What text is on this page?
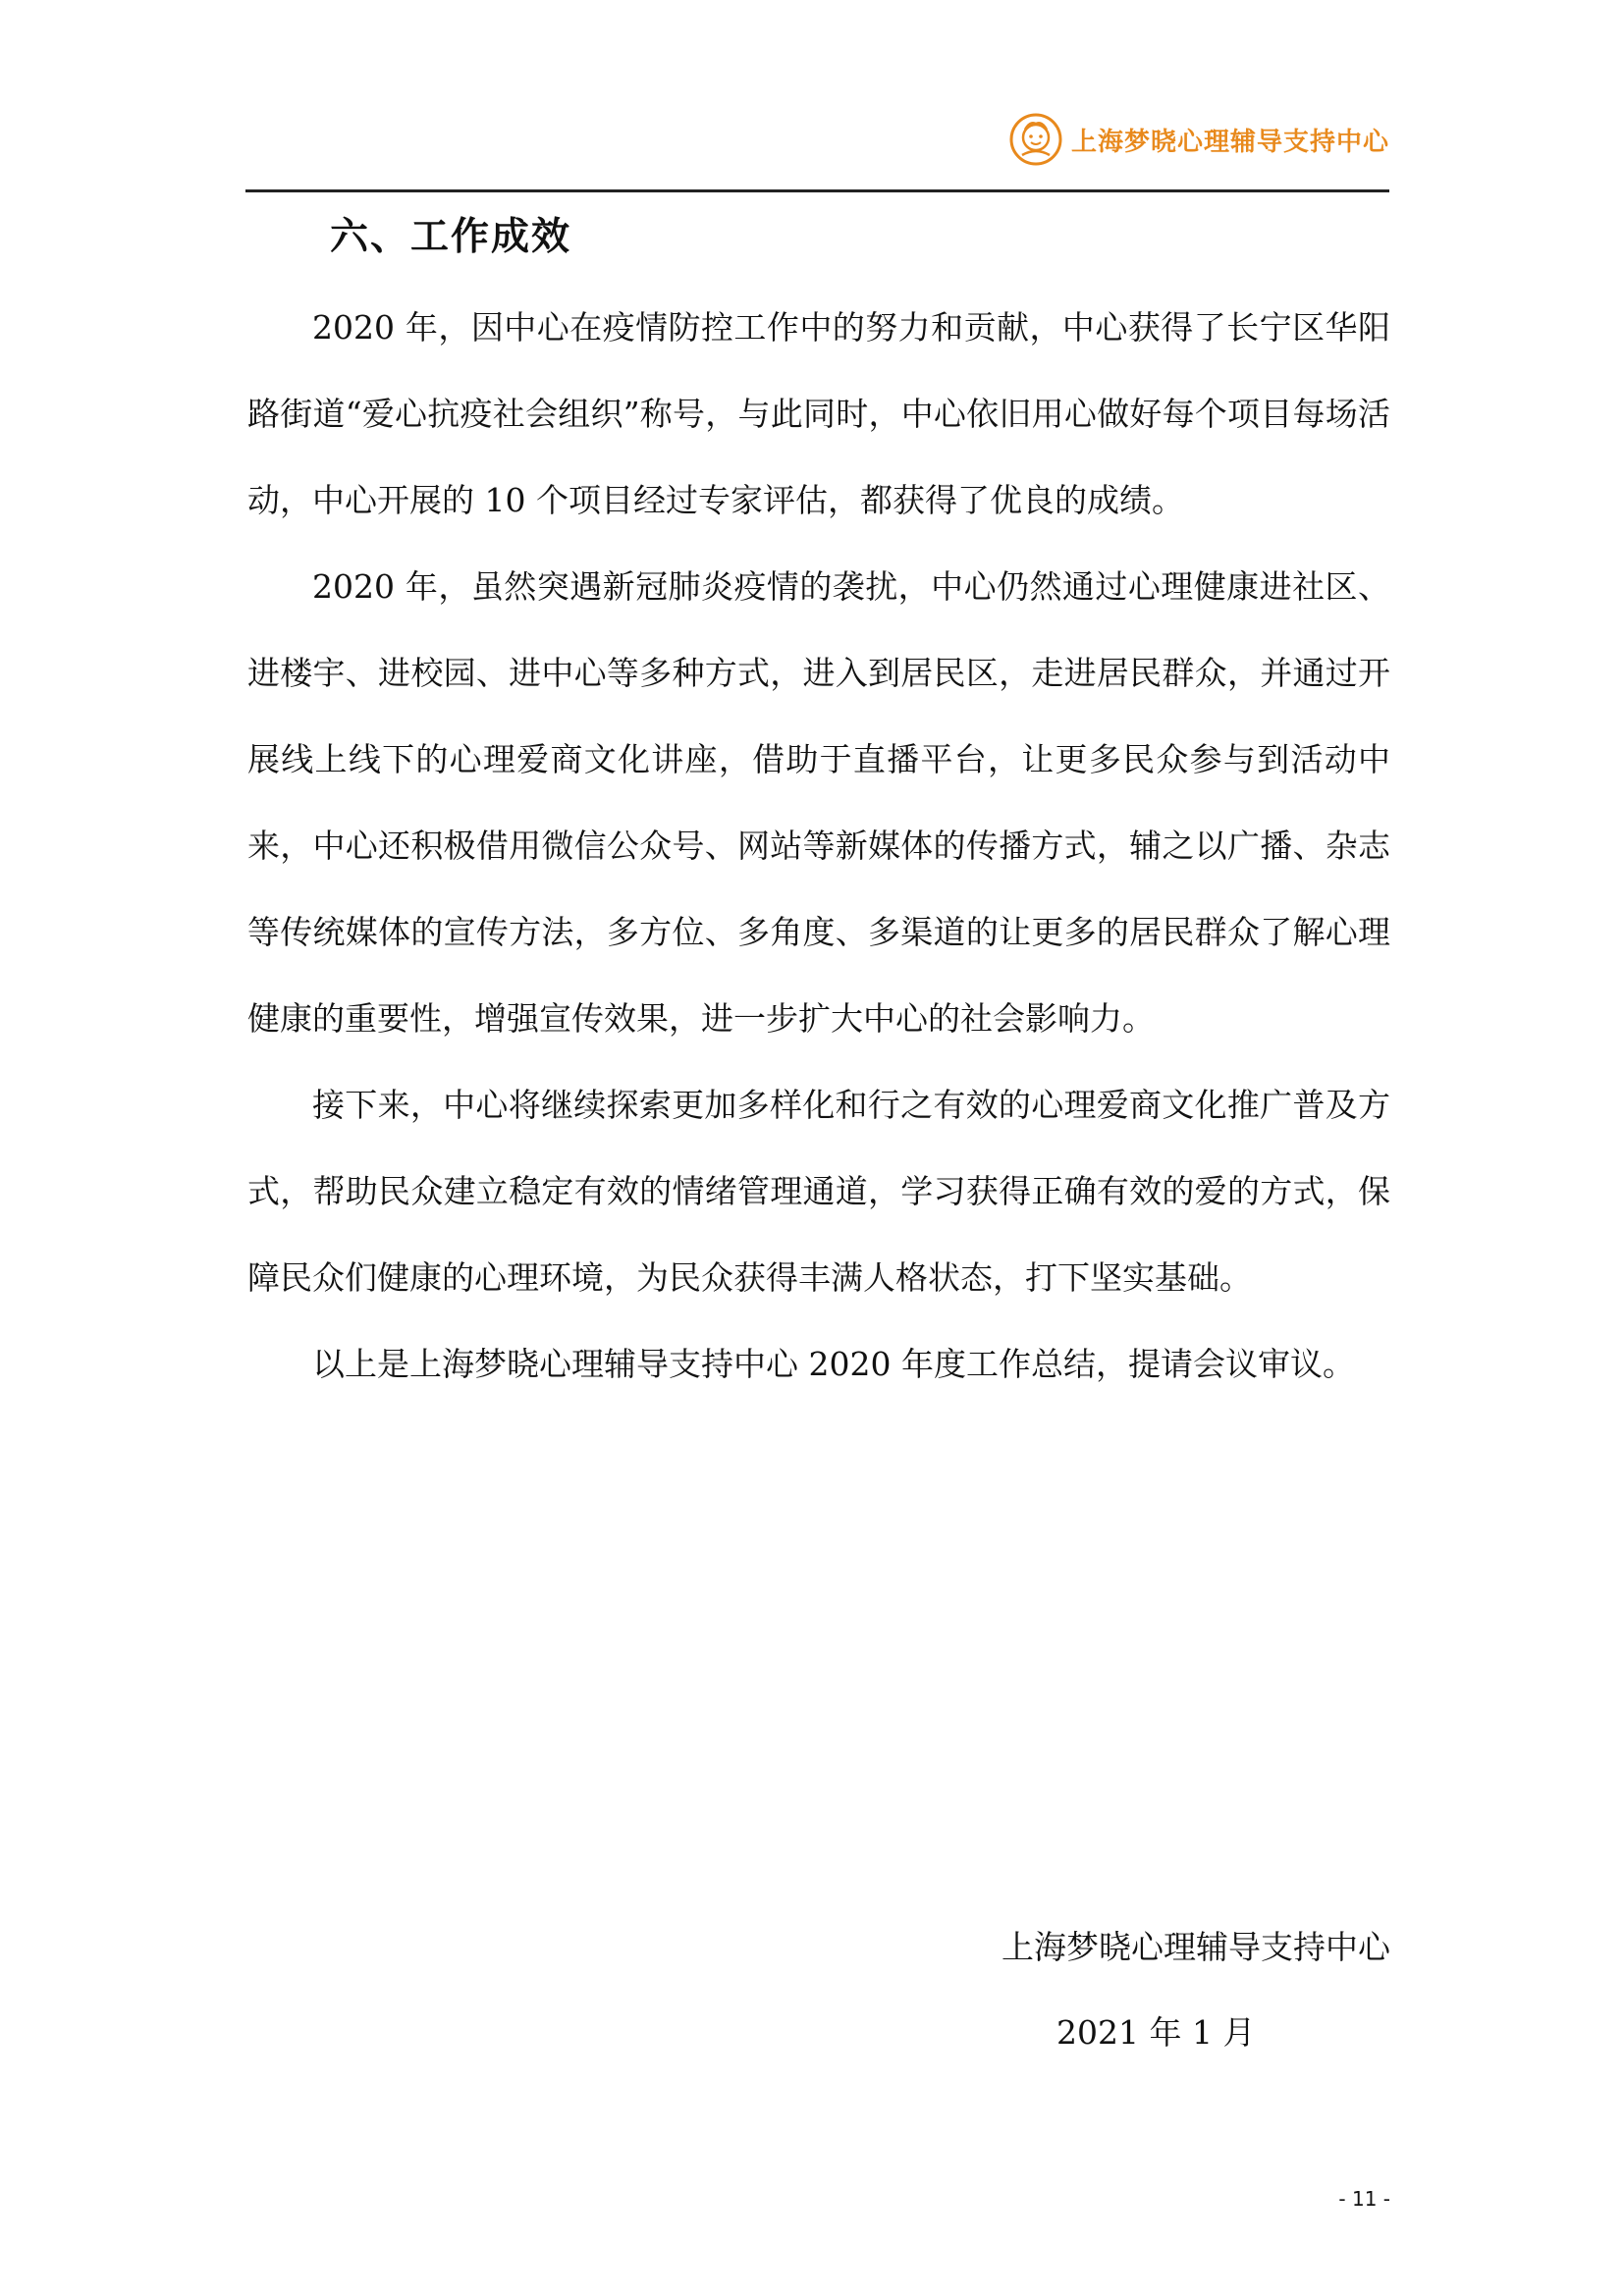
上海梦晓心理辅导支持中心
六、工作成效

2020 年，因中心在疫情防控工作中的努力和贡献，中心获得了长宁区华阳路街道“爱心抗疫社会组织”称号，与此同时，中心依旧用心做好每个项目每场活动，中心开展的 10 个项目经过专家评估，都获得了优良的成绩。

2020 年，虽然突遇新冠肺炎疫情的袭扰，中心仍然通过心理健康进社区、进楼宇、进校园、进中心等多种方式，进入到居民区，走进居民群众，并通过开展线上线下的心理爱商文化讲座，借助于直播平台，让更多民众参与到活动中来，中心还积极借用微信公众号、网站等新媒体的传播方式，辅之以广播、杂志等传统媒体的宣传方法，多方位、多角度、多渠道的让更多的居民群众了解心理健康的重要性，增强宣传效果，进一步扩大中心的社会影响力。

接下来，中心将继续探索更加多样化和行之有效的心理爱商文化推广普及方式，帮助民众建立稳定有效的情绪管理通道，学习获得正确有效的爱的方式，保障民众们健康的心理环境，为民众获得丰满人格状态，打下坚实基础。

以上是上海梦晓心理辅导支持中心 2020 年度工作总结，提请会议审议。

上海梦晓心理辅导支持中心
2021 年 1 月
- 11 -
